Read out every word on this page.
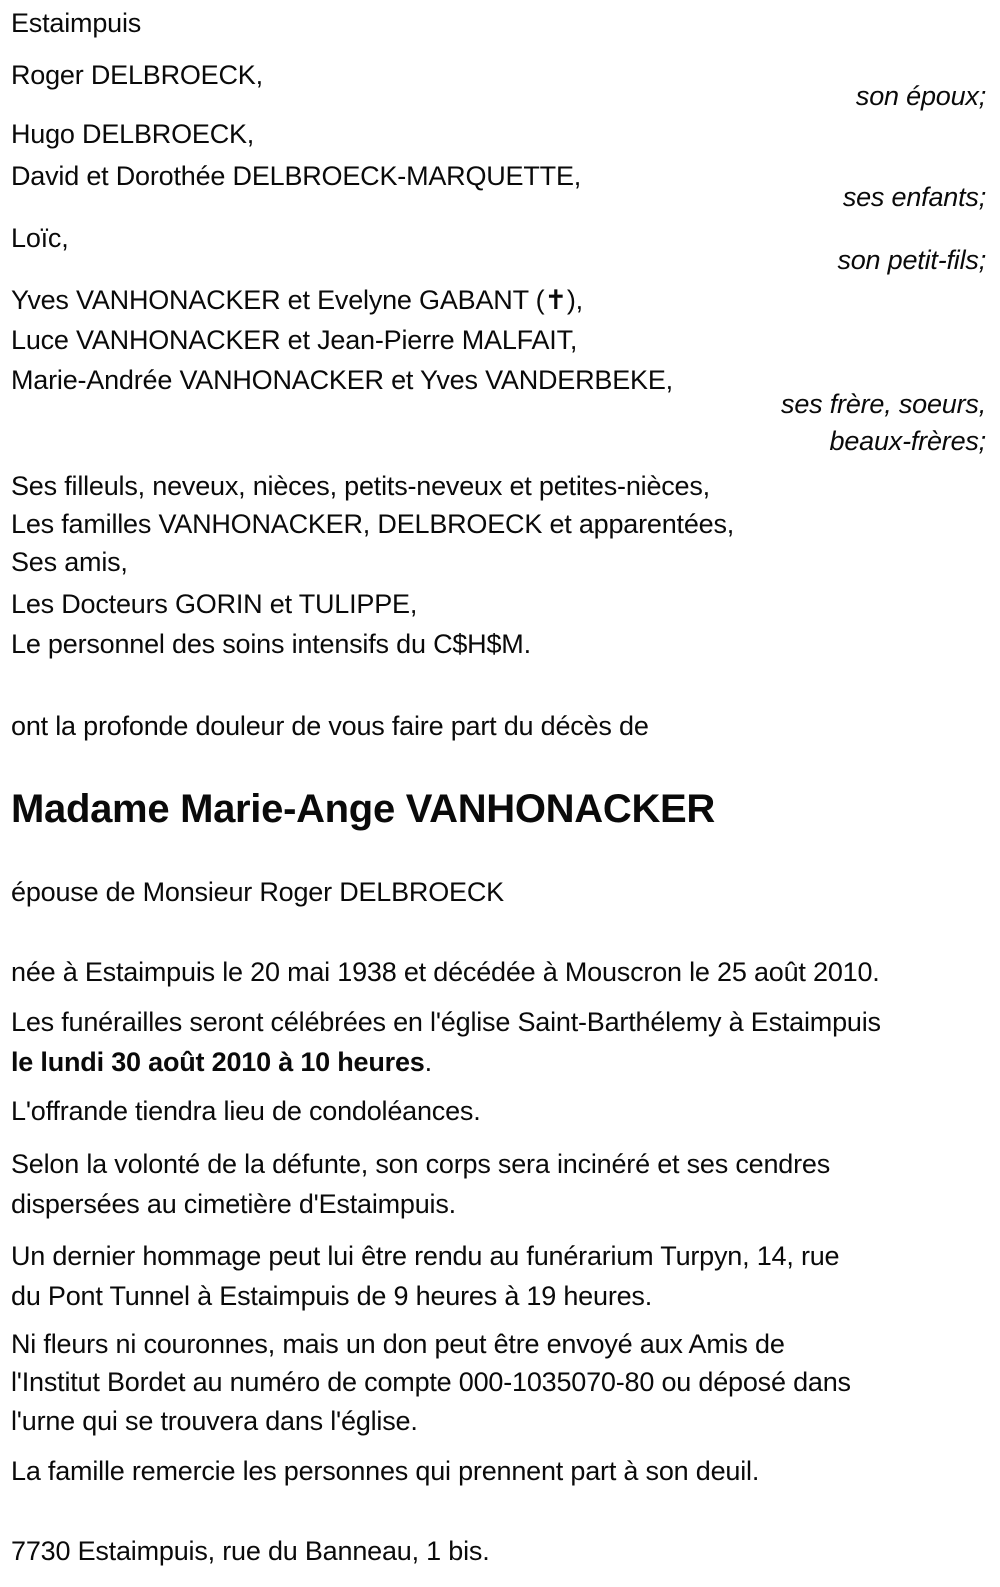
Estaimpuis
Roger DELBROECK,
son époux;
Hugo DELBROECK,
David et Dorothée DELBROECK-MARQUETTE,
ses enfants;
Loïc,
son petit-fils;
Yves VANHONACKER et Evelyne GABANT (✝),
Luce VANHONACKER et Jean-Pierre MALFAIT,
Marie-Andrée VANHONACKER et Yves VANDERBEKE,
ses frère, soeurs,
beaux-frères;
Ses filleuls, neveux, nièces, petits-neveux et petites-nièces,
Les familles VANHONACKER, DELBROECK et apparentées,
Ses amis,
Les Docteurs GORIN et TULIPPE,
Le personnel des soins intensifs du C$H$M.
ont la profonde douleur de vous faire part du décès de
Madame Marie-Ange VANHONACKER
épouse de Monsieur Roger DELBROECK
née à Estaimpuis le 20 mai 1938 et décédée à Mouscron le 25 août 2010.
Les funérailles seront célébrées en l'église Saint-Barthélemy à Estaimpuis
le lundi 30 août 2010 à 10 heures.
L'offrande tiendra lieu de condoléances.
Selon la volonté de la défunte, son corps sera incinéré et ses cendres
dispersées au cimetière d'Estaimpuis.
Un dernier hommage peut lui être rendu au funérarium Turpyn, 14, rue
du Pont Tunnel à Estaimpuis de 9 heures à 19 heures.
Ni fleurs ni couronnes, mais un don peut être envoyé aux Amis de
l'Institut Bordet au numéro de compte 000-1035070-80 ou déposé dans
l'urne qui se trouvera dans l'église.
La famille remercie les personnes qui prennent part à son deuil.
7730 Estaimpuis, rue du Banneau, 1 bis.
